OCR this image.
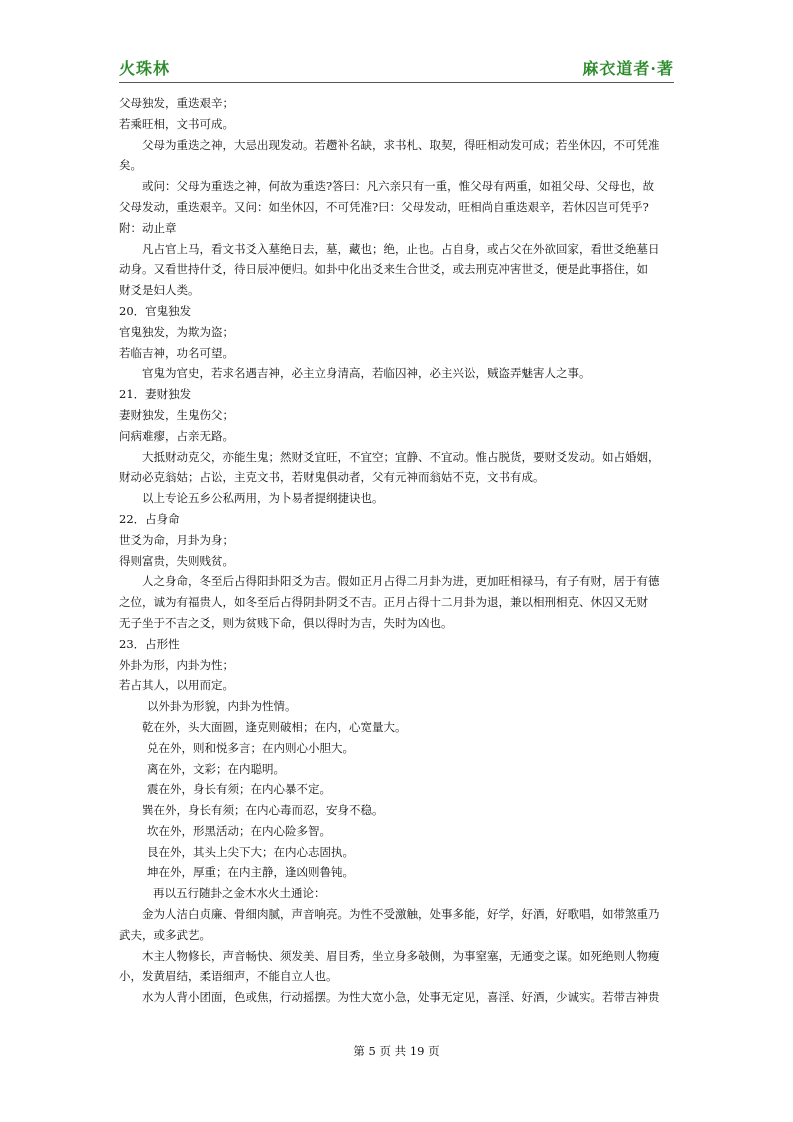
火珠林	麻衣道者·著
父母独发，重迭艰辛；
若乘旺相，文书可成。
父母为重迭之神，大忌出现发动。若趱补名缺，求书札、取契，得旺相动发可成；若坐休囚，不可凭准
矣。
或问：父母为重迭之神，何故为重迭?答曰：凡六亲只有一重，惟父母有两重，如祖父母、父母也，故
父母发动，重迭艰辛。又问：如坐休囚，不可凭准?曰：父母发动，旺相尚自重迭艰辛，若休囚岂可凭乎?
附：动止章
凡占官上马，看文书爻入墓绝日去，墓，藏也；绝，止也。占自身，或占父在外欲回家，看世爻绝墓日
动身。又看世持什爻，待日辰冲便归。如卦中化出爻来生合世爻，或去刑克冲害世爻，便是此事搭住，如
财爻是妇人类。
20．官鬼独发
官鬼独发，为欺为盗；
若临吉神，功名可望。
官鬼为官史，若求名遇吉神，必主立身清高，若临囚神，必主兴讼，贼盗弄魅害人之事。
21．妻财独发
妻财独发，生鬼伤父；
问病难瘳，占亲无路。
大抵财动克父，亦能生鬼；然财爻宜旺，不宜空；宜静、不宜动。惟占脱货，要财爻发动。如占婚姻，
财动必克翁姑；占讼，主克文书，若财鬼俱动者，父有元神而翁姑不克，文书有成。
以上专论五乡公私两用，为卜易者提纲捷诀也。
22．占身命
世爻为命，月卦为身；
得则富贵，失则贱贫。
人之身命，冬至后占得阳卦阳爻为吉。假如正月占得二月卦为进，更加旺相禄马，有子有财，居于有德
之位，诚为有福贵人，如冬至后占得阴卦阴爻不吉。正月占得十二月卦为退，兼以相刑相克、休囚又无财
无子坐于不吉之爻，则为贫贱下命，俱以得时为吉，失时为凶也。
23．占形性
外卦为形，内卦为性；
若占其人，以用而定。
以外卦为形貌，内卦为性情。
乾在外，头大面圆，逢克则破相；在内，心宽量大。
兑在外，则和悦多言；在内则心小胆大。
离在外，文彩；在内聪明。
震在外，身长有须；在内心暴不定。
巽在外，身长有须；在内心毒而忍，安身不稳。
坎在外，形黑活动；在内心险多智。
艮在外，其头上尖下大；在内心志固执。
坤在外，厚重；在内主静，逢凶则鲁钝。
再以五行随卦之金木水火土通论：
金为人洁白贞廉、骨细肉腻，声音响亮。为性不受激触，处事多能，好学，好酒，好歌唱，如带煞重乃
武夫，或多武艺。
木主人物修长，声音畅快、须发美、眉目秀，坐立身多攲侧，为事窒塞，无通变之谋。如死绝则人物瘦
小，发黄眉结，柔语细声，不能自立人也。
水为人背小团面，色或焦，行动摇摆。为性大宽小急，处事无定见，喜淫、好酒，少诚实。若带吉神贵
第 5 页 共 19 页
